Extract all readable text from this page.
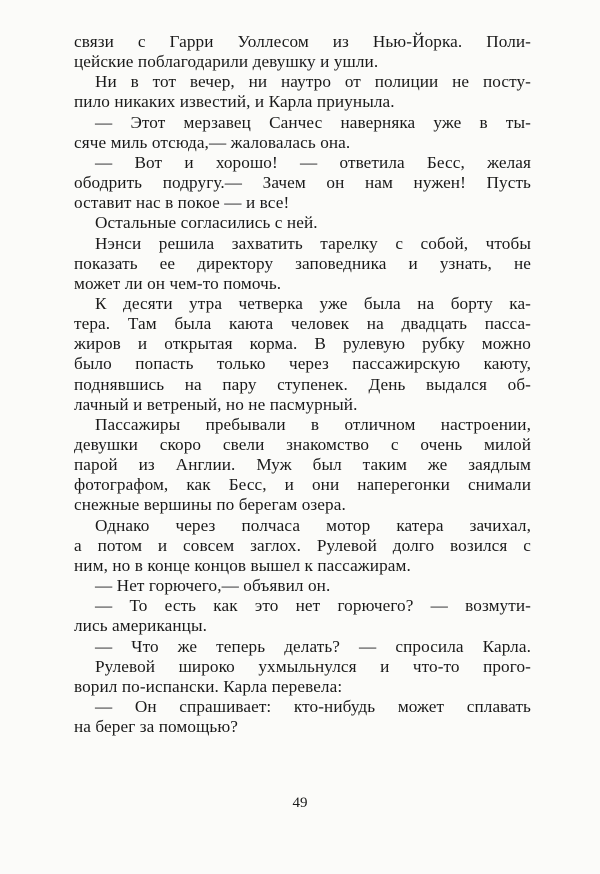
связи с Гарри Уоллесом из Нью-Йорка. Поли-
цейские поблагодарили девушку и ушли.
Ни в тот вечер, ни наутро от полиции не посту-
пило никаких известий, и Карла приуныла.
— Этот мерзавец Санчес наверняка уже в ты-
сяче миль отсюда,— жаловалась она.
— Вот и хорошо! — ответила Бесс, желая
ободрить подругу.— Зачем он нам нужен! Пусть
оставит нас в покое — и все!
Остальные согласились с ней.
Нэнси решила захватить тарелку с собой, чтобы
показать ее директору заповедника и узнать, не
может ли он чем-то помочь.
К десяти утра четверка уже была на борту ка-
тера. Там была каюта человек на двадцать пасса-
жиров и открытая корма. В рулевую рубку можно
было попасть только через пассажирскую каюту,
поднявшись на пару ступенек. День выдался об-
лачный и ветреный, но не пасмурный.
Пассажиры пребывали в отличном настроении,
девушки скоро свели знакомство с очень милой
парой из Англии. Муж был таким же заядлым
фотографом, как Бесс, и они наперегонки снимали
снежные вершины по берегам озера.
Однако через полчаса мотор катера зачихал,
а потом и совсем заглох. Рулевой долго возился с
ним, но в конце концов вышел к пассажирам.
— Нет горючего,— объявил он.
— То есть как это нет горючего? — возмути-
лись американцы.
— Что же теперь делать? — спросила Карла.
Рулевой широко ухмыльнулся и что-то прого-
ворил по-испански. Карла перевела:
— Он спрашивает: кто-нибудь может сплавать
на берег за помощью?
49
